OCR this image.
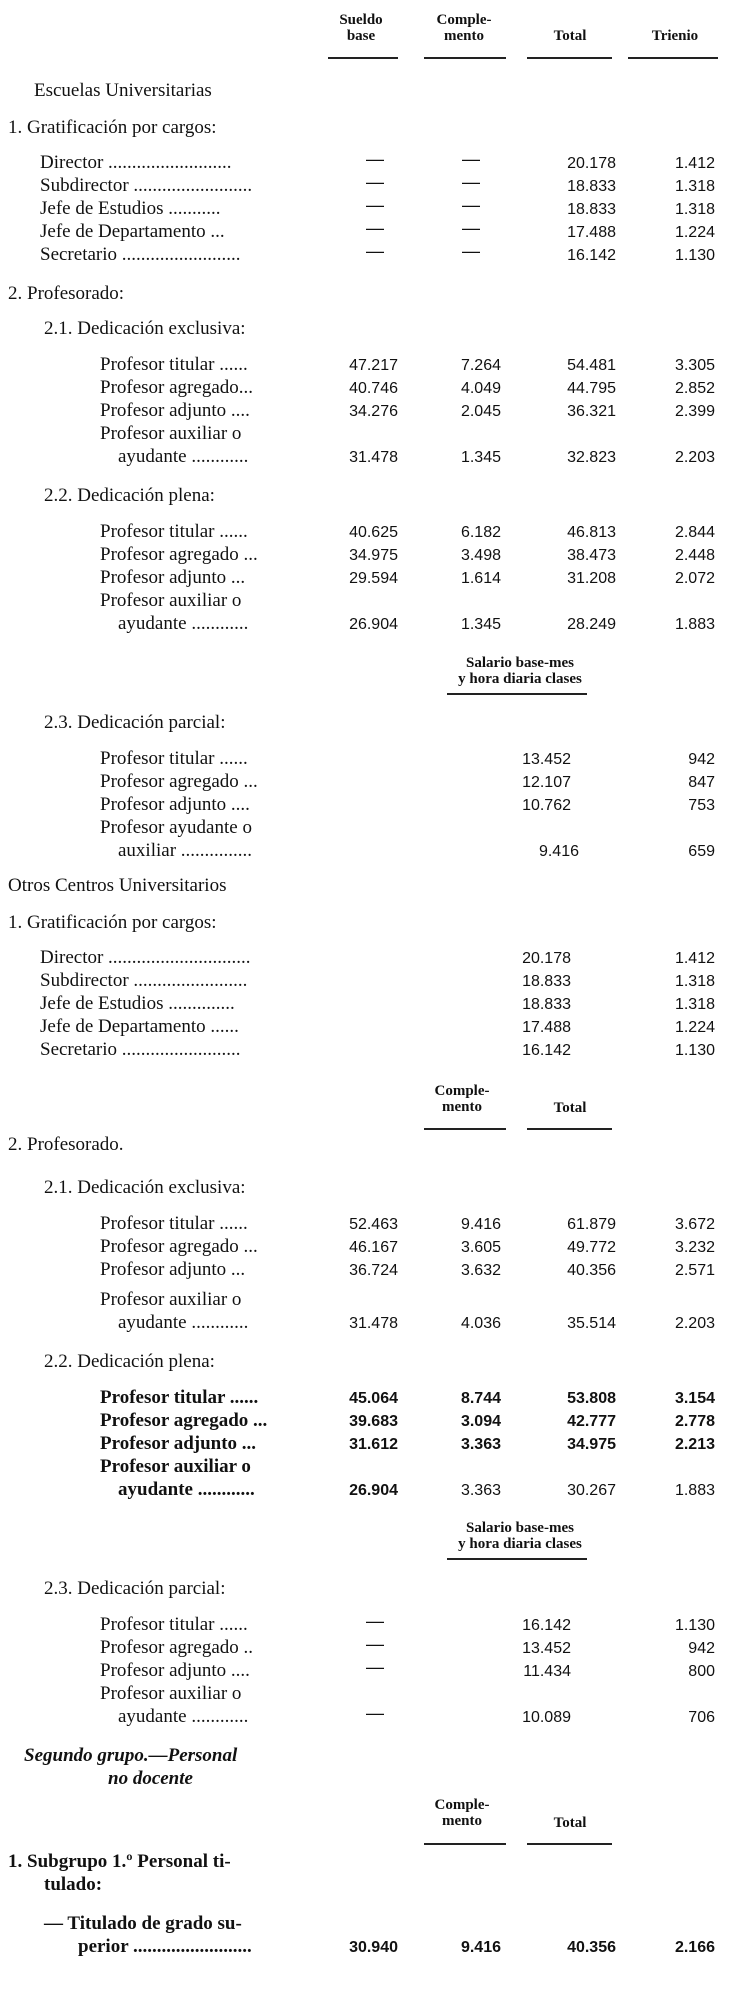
Sueldo base
Comple- mento	Total	Trienio
Escuelas Universitarias
1. Gratificación por cargos:
Director ..........................	—	—	20.178	1.412
Subdirector .........................	—	—	18.833	1.318
Jefe de Estudios ...........	—	—	18.833	1.318
Jefe de Departamento ...	—	—	17.488	1.224
Secretario .........................	—	—	16.142	1.130
2. Profesorado:
2.1. Dedicación exclusiva:
Profesor titular ......	47.217	7.264	54.481	3.305
Profesor agregado...	40.746	4.049	44.795	2.852
Profesor adjunto ....	34.276	2.045	36.321	2.399
Profesor auxiliar o
ayudante ............	31.478	1.345	32.823	2.203
2.2. Dedicación plena:
Profesor titular ......	40.625	6.182	46.813	2.844
Profesor agregado ...	34.975	3.498	38.473	2.448
Profesor adjunto ...	29.594	1.614	31.208	2.072
Profesor auxiliar o
ayudante ............	26.904	1.345	28.249	1.883
Salario base-mes
y hora diaria clases
2.3. Dedicación parcial:
Profesor titular ......	13.452	942
Profesor agregado ...	12.107	847
Profesor adjunto ....	10.762	753
Profesor ayudante o
auxiliar ...............	9.416	659
Otros Centros Universitarios
1. Gratificación por cargos:
Director ..............................	20.178	1.412
Subdirector ........................	18.833	1.318
Jefe de Estudios ..............	18.833	1.318
Jefe de Departamento ......	17.488	1.224
Secretario .........................	16.142	1.130
Comple- mento	Total
2. Profesorado.
2.1. Dedicación exclusiva:
Profesor titular ......	52.463	9.416	61.879	3.672
Profesor agregado ...	46.167	3.605	49.772	3.232
Profesor adjunto ...	36.724	3.632	40.356	2.571
Profesor auxiliar o
ayudante ............	31.478	4.036	35.514	2.203
2.2. Dedicación plena:
Profesor titular ......	45.064	8.744	53.808	3.154
Profesor agregado ...	39.683	3.094	42.777	2.778
Profesor adjunto ...	31.612	3.363	34.975	2.213
Profesor auxiliar o
ayudante ............	26.904	3.363	30.267	1.883
Salario base-mes
y hora diaria clases
2.3. Dedicación parcial:
Profesor titular ......	—	16.142	1.130
Profesor agregado ..	—	13.452	942
Profesor adjunto ....	—	11.434	800
Profesor auxiliar o
ayudante ............	—	10.089	706
Segundo grupo.—Personal
no docente
Comple- mento	Total
1. Subgrupo 1.º Personal ti-
tulado:
— Titulado de grado su-
perior .........................	30.940	9.416	40.356	2.166
